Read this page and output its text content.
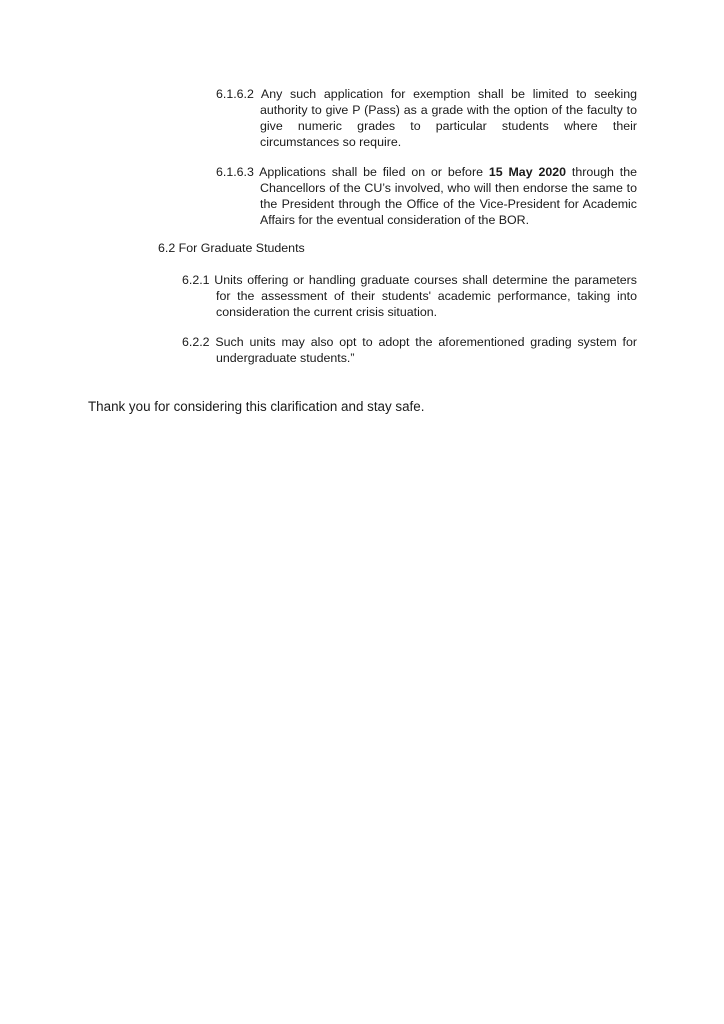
6.1.6.2 Any such application for exemption shall be limited to seeking authority to give P (Pass) as a grade with the option of the faculty to give numeric grades to particular students where their circumstances so require.
6.1.6.3 Applications shall be filed on or before 15 May 2020 through the Chancellors of the CU’s involved, who will then endorse the same to the President through the Office of the Vice-President for Academic Affairs for the eventual consideration of the BOR.
6.2 For Graduate Students
6.2.1 Units offering or handling graduate courses shall determine the parameters for the assessment of their students' academic performance, taking into consideration the current crisis situation.
6.2.2 Such units may also opt to adopt the aforementioned grading system for undergraduate students.”
Thank you for considering this clarification and stay safe.
